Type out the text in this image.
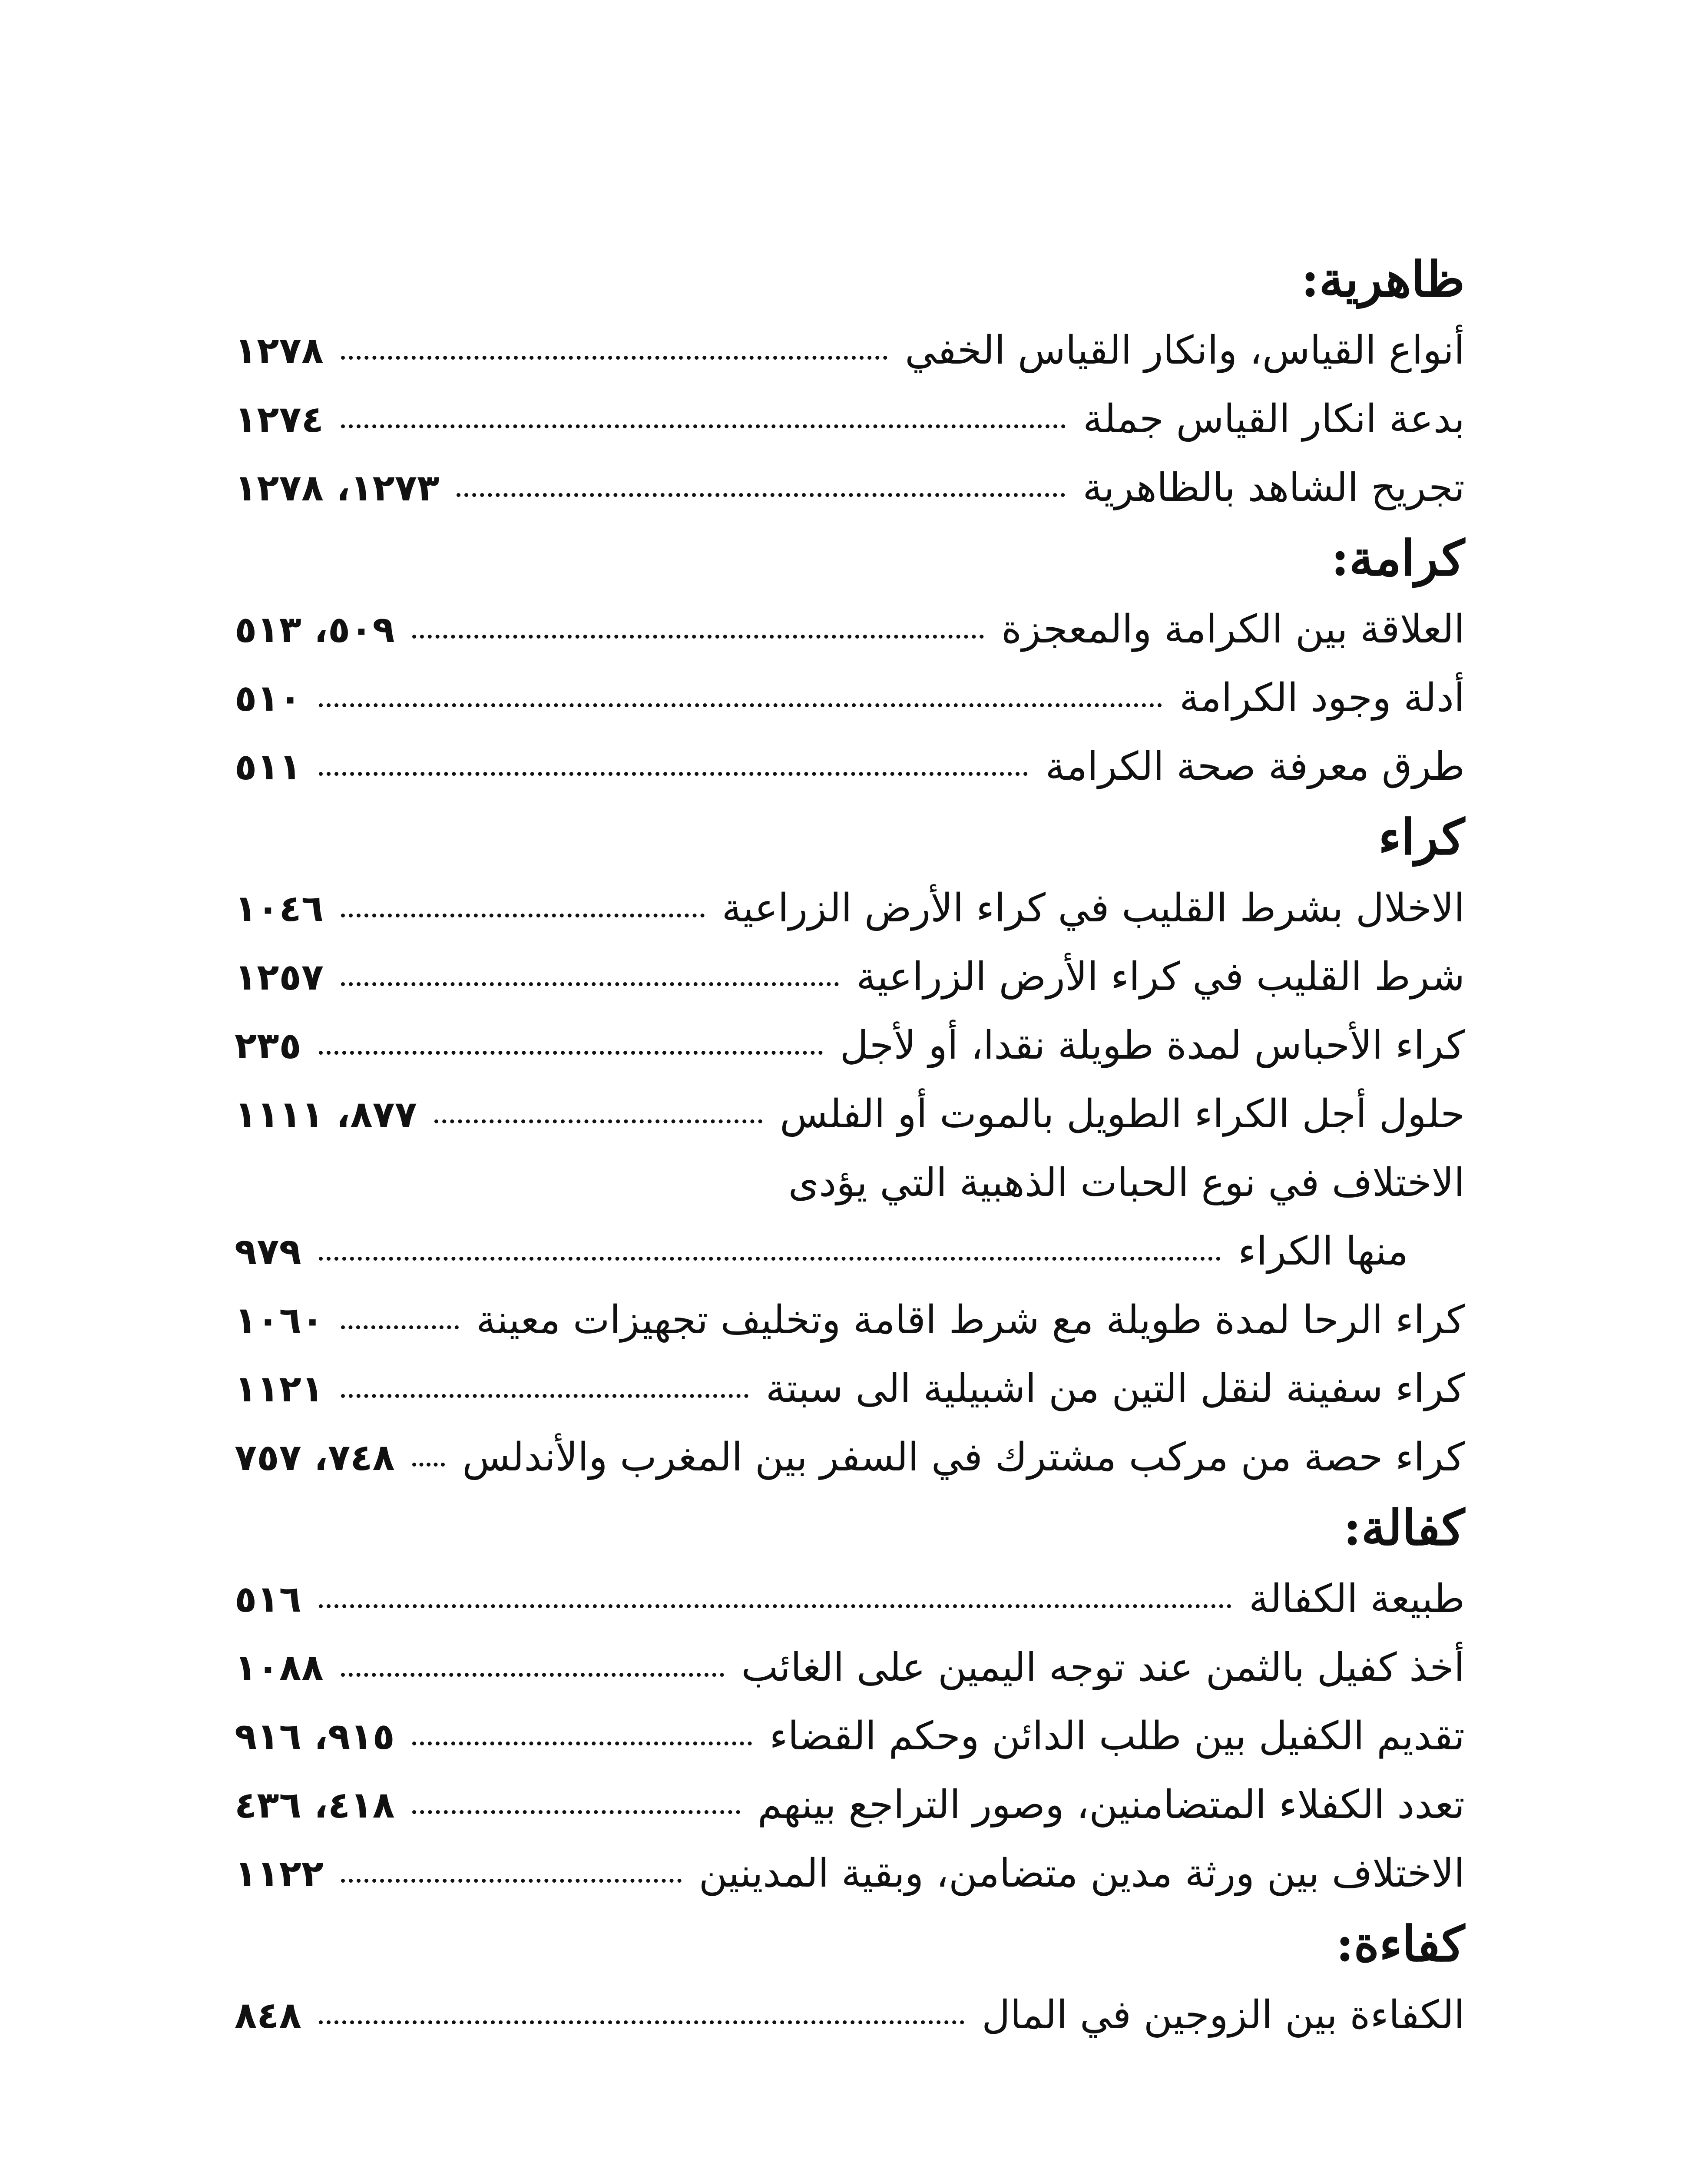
ظاهرية:
أنواع القياس، وانكار القياس الخفي
١٢٧٨
بدعة انكار القياس جملة
١٢٧٤
تجريح الشاهد بالظاهرية
١٢٧٣، ١٢٧٨
كرامة:
العلاقة بين الكرامة والمعجزة
٥٠٩، ٥١٣
أدلة وجود الكرامة
٥١٠
طرق معرفة صحة الكرامة
٥١١
كراء
الاخلال بشرط القليب في كراء الأرض الزراعية
١٠٤٦
شرط القليب في كراء الأرض الزراعية
١٢٥٧
كراء الأحباس لمدة طويلة نقدا، أو لأجل
٢٣٥
حلول أجل الكراء الطويل بالموت أو الفلس
٨٧٧، ١١١١
الاختلاف في نوع الحبات الذهبية التي يؤدى
منها الكراء
٩٧٩
كراء الرحا لمدة طويلة مع شرط اقامة وتخليف تجهيزات معينة
١٠٦٠
كراء سفينة لنقل التين من اشبيلية الى سبتة
١١٢١
كراء حصة من مركب مشترك في السفر بين المغرب والأندلس
٧٤٨، ٧٥٧
كفالة:
طبيعة الكفالة
٥١٦
أخذ كفيل بالثمن عند توجه اليمين على الغائب
١٠٨٨
تقديم الكفيل بين طلب الدائن وحكم القضاء
٩١٥، ٩١٦
تعدد الكفلاء المتضامنين، وصور التراجع بينهم
٤١٨، ٤٣٦
الاختلاف بين ورثة مدين متضامن، وبقية المدينين
١١٢٢
كفاءة:
الكفاءة بين الزوجين في المال
٨٤٨
